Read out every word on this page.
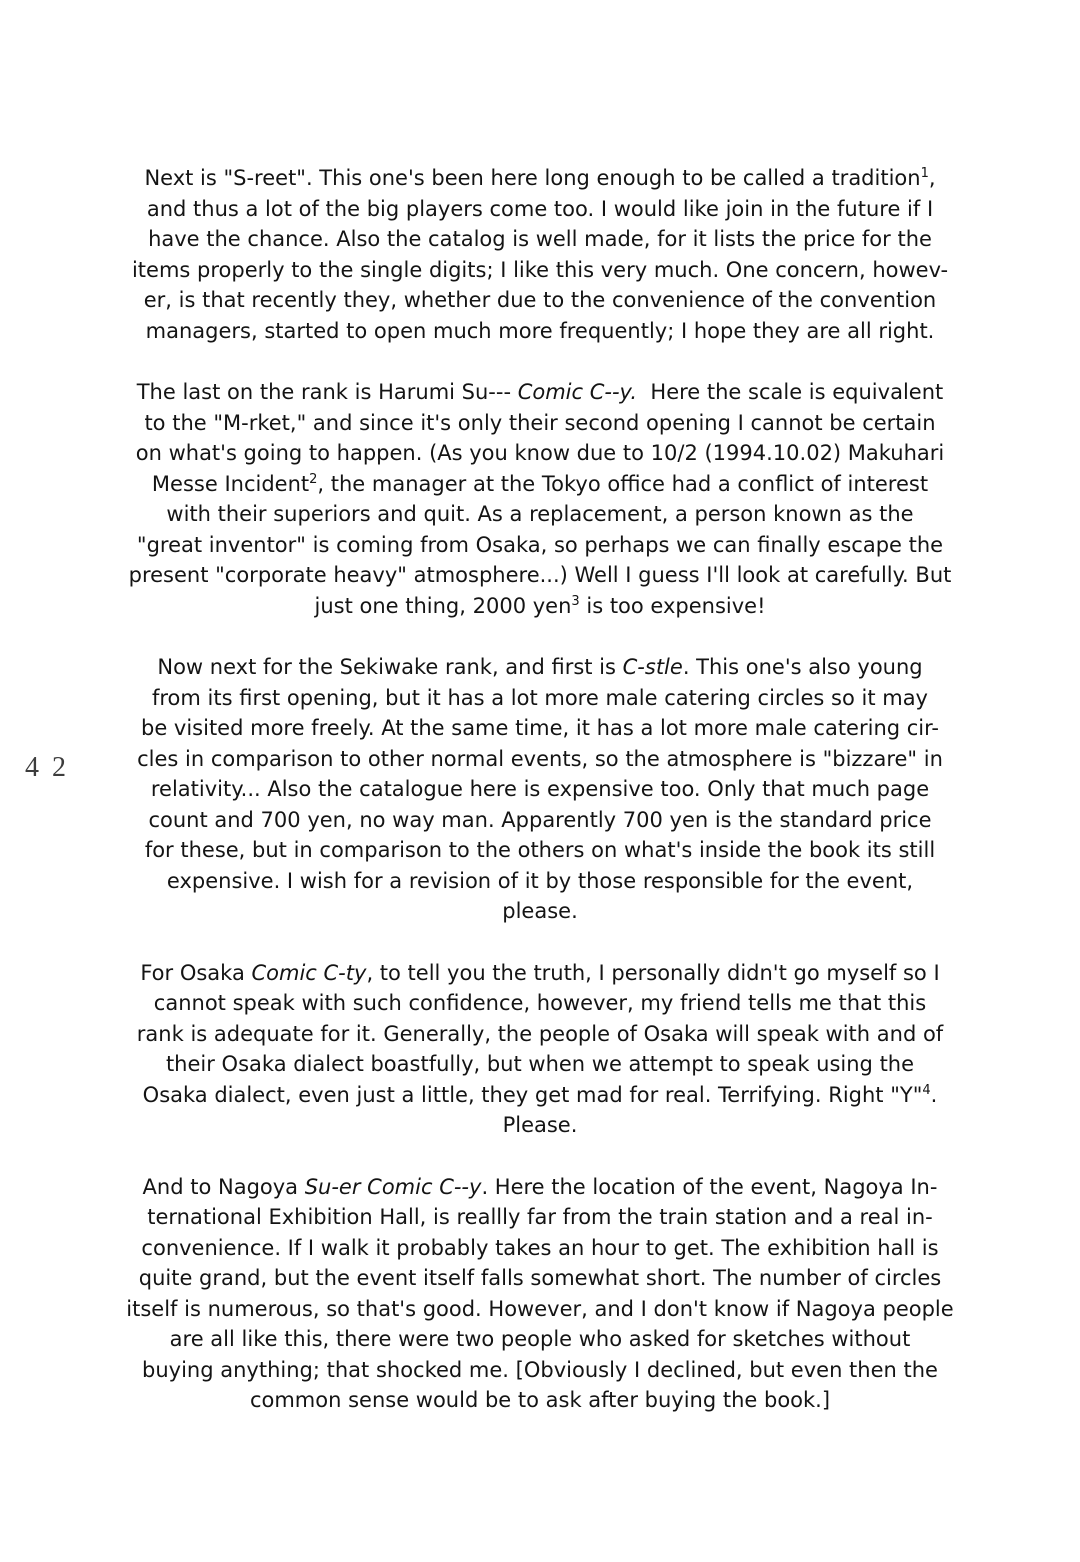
4 2
Next is "S-reet". This one's been here long enough to be called a tradition$^1$,
and thus a lot of the big players come too. I would like join in the future if I
have the chance. Also the catalog is well made, for it lists the price for the
items properly to the single digits; I like this very much. One concern, howev-
er, is that recently they, whether due to the convenience of the convention
managers, started to open much more frequently; I hope they are all right.
The last on the rank is Harumi Su--- Comic C--y.  Here the scale is equivalent
to the "M-rket," and since it's only their second opening I cannot be certain
on what's going to happen. (As you know due to 10/2 (1994.10.02) Makuhari
Messe Incident$^2$, the manager at the Tokyo office had a conflict of interest
with their superiors and quit. As a replacement, a person known as the
"great inventor" is coming from Osaka, so perhaps we can finally escape the
present "corporate heavy" atmosphere...) Well I guess I'll look at carefully. But
just one thing, 2000 yen$^3$ is too expensive!
Now next for the Sekiwake rank, and first is C-stle. This one's also young
from its first opening, but it has a lot more male catering circles so it may
be visited more freely. At the same time, it has a lot more male catering cir-
cles in comparison to other normal events, so the atmosphere is "bizzare" in
relativity... Also the catalogue here is expensive too. Only that much page
count and 700 yen, no way man. Apparently 700 yen is the standard price
for these, but in comparison to the others on what's inside the book its still
expensive. I wish for a revision of it by those responsible for the event,
please.
For Osaka Comic C-ty, to tell you the truth, I personally didn't go myself so I
cannot speak with such confidence, however, my friend tells me that this
rank is adequate for it. Generally, the people of Osaka will speak with and of
their Osaka dialect boastfully, but when we attempt to speak using the
Osaka dialect, even just a little, they get mad for real. Terrifying. Right "Y"$^4$.
Please.
And to Nagoya Su-er Comic C--y. Here the location of the event, Nagoya In-
ternational Exhibition Hall, is reallly far from the train station and a real in-
convenience. If I walk it probably takes an hour to get. The exhibition hall is
quite grand, but the event itself falls somewhat short. The number of circles
itself is numerous, so that's good. However, and I don't know if Nagoya people
are all like this, there were two people who asked for sketches without
buying anything; that shocked me. [Obviously I declined, but even then the
common sense would be to ask after buying the book.]
